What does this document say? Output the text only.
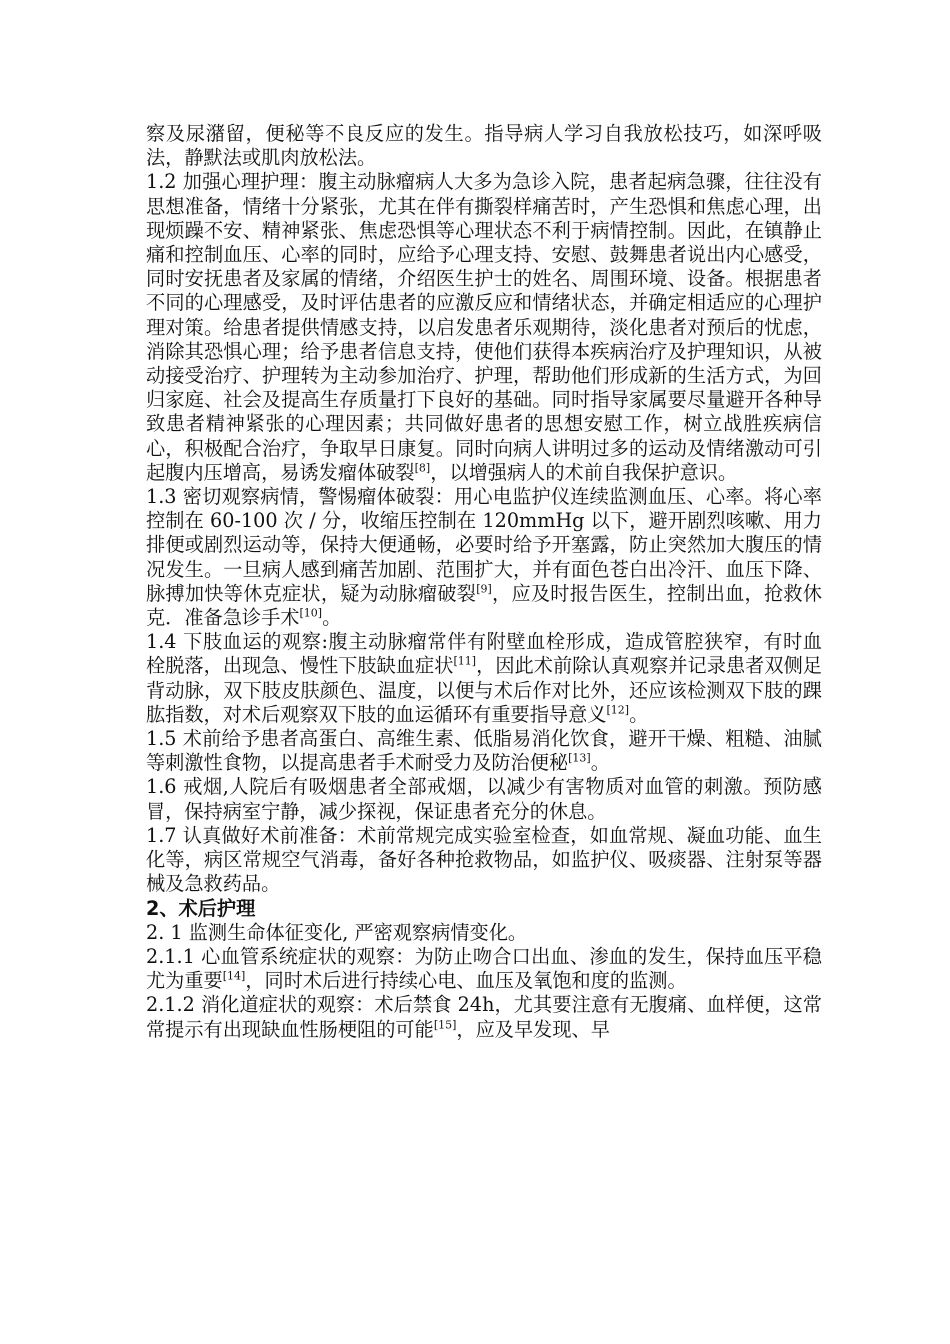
察及尿潴留，便秘等不良反应的发生。指导病人学习自我放松技巧，如深呼吸法，静默法或肌肉放松法。

1.2 加强心理护理：腹主动脉瘤病人大多为急诊入院，患者起病急骤，往往没有思想准备，情绪十分紧张，尤其在伴有撕裂样痛苦时，产生恐惧和焦虑心理，出现烦躁不安、精神紧张、焦虑恐惧等心理状态不利于病情控制。因此，在镇静止痛和控制血压、心率的同时，应给予心理支持、安慰、鼓舞患者说出内心感受，同时安抚患者及家属的情绪，介绍医生护士的姓名、周围环境、设备。根据患者不同的心理感受，及时评估患者的应激反应和情绪状态，并确定相适应的心理护理对策。给患者提供情感支持，以启发患者乐观期待，淡化患者对预后的忧虑，消除其恐惧心理；给予患者信息支持，使他们获得本疾病治疗及护理知识，从被动接受治疗、护理转为主动参加治疗、护理，帮助他们形成新的生活方式，为回归家庭、社会及提高生存质量打下良好的基础。同时指导家属要尽量避开各种导致患者精神紧张的心理因素；共同做好患者的思想安慰工作，树立战胜疾病信心，积极配合治疗，争取早日康复。同时向病人讲明过多的运动及情绪激动可引起腹内压增高，易诱发瘤体破裂[8]，以增强病人的术前自我保护意识。

1.3 密切观察病情，警惕瘤体破裂：用心电监护仪连续监测血压、心率。将心率控制在 60-100 次 / 分，收缩压控制在 120mmHg 以下，避开剧烈咳嗽、用力排便或剧烈运动等，保持大便通畅，必要时给予开塞露，防止突然加大腹压的情况发生。一旦病人感到痛苦加剧、范围扩大，并有面色苍白出冷汗、血压下降、脉搏加快等休克症状，疑为动脉瘤破裂[9]，应及时报告医生，控制出血，抢救休克．准备急诊手术[10]。

1.4 下肢血运的观察:腹主动脉瘤常伴有附壁血栓形成，造成管腔狭窄，有时血栓脱落，出现急、慢性下肢缺血症状[11]，因此术前除认真观察并记录患者双侧足背动脉，双下肢皮肤颜色、温度，以便与术后作对比外，还应该检测双下肢的踝肱指数，对术后观察双下肢的血运循环有重要指导意义[12]。

1.5 术前给予患者高蛋白、高维生素、低脂易消化饮食，避开干燥、粗糙、油腻等刺激性食物，以提高患者手术耐受力及防治便秘[13]。

1.6 戒烟,人院后有吸烟患者全部戒烟，以减少有害物质对血管的刺激。预防感冒，保持病室宁静，减少探视，保证患者充分的休息。

1.7 认真做好术前准备：术前常规完成实验室检查，如血常规、凝血功能、血生化等，病区常规空气消毒，备好各种抢救物品，如监护仪、吸痰器、注射泵等器械及急救药品。

2、术后护理

2. 1 监测生命体征变化, 严密观察病情变化。

2.1.1 心血管系统症状的观察：为防止吻合口出血、渗血的发生，保持血压平稳尤为重要[14]，同时术后进行持续心电、血压及氧饱和度的监测。

2.1.2 消化道症状的观察：术后禁食 24h，尤其要注意有无腹痛、血样便，这常常提示有出现缺血性肠梗阻的可能[15]，应及早发现、早
